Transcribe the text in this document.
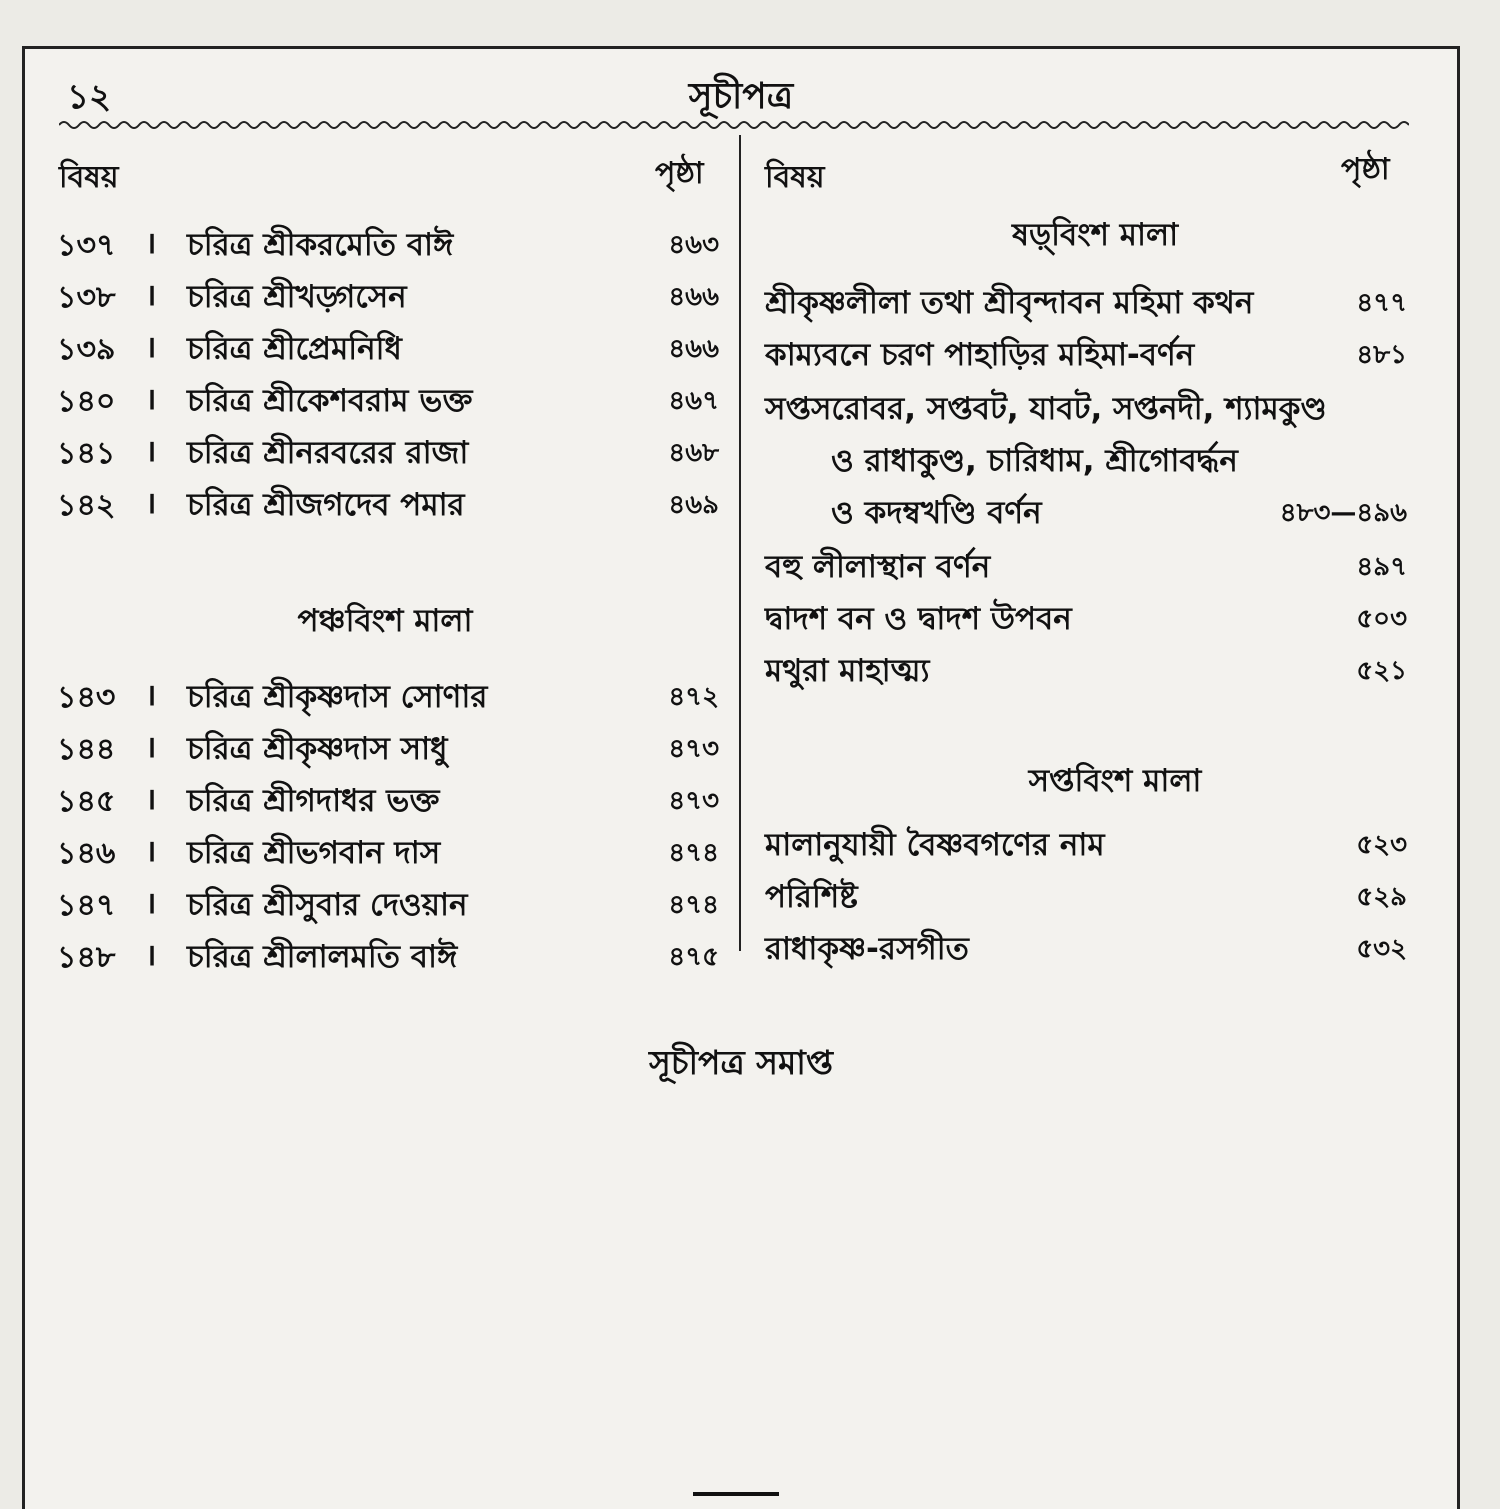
১২	সূচীপত্র
বিষয়	পৃষ্ঠা
১৩৭ । চরিত্র শ্রীকরমেতি বাঈ	৪৬৩
১৩৮ । চরিত্র শ্রীখড়্গসেন	৪৬৬
১৩৯ । চরিত্র শ্রীপ্রেমনিধি	৪৬৬
১৪০ । চরিত্র শ্রীকেশবরাম ভক্ত	৪৬৭
১৪১ । চরিত্র শ্রীনরবরের রাজা	৪৬৮
১৪২ । চরিত্র শ্রীজগদেব পমার	৪৬৯
পঞ্চবিংশ মালা
১৪৩ । চরিত্র শ্রীকৃষ্ণদাস সোণার	৪৭২
১৪৪ । চরিত্র শ্রীকৃষ্ণদাস সাধু	৪৭৩
১৪৫ । চরিত্র শ্রীগদাধর ভক্ত	৪৭৩
১৪৬ । চরিত্র শ্রীভগবান দাস	৪৭৪
১৪৭ । চরিত্র শ্রীসুবার দেওয়ান	৪৭৪
১৪৮ । চরিত্র শ্রীলালমতি বাঈ	৪৭৫
বিষয়	পৃষ্ঠা
ষড়্‌বিংশ মালা
শ্রীকৃষ্ণলীলা তথা শ্রীবৃন্দাবন মহিমা কথন	৪৭৭
কাম্যবনে চরণ পাহাড়ির মহিমা-বর্ণন	৪৮১
সপ্তসরোবর, সপ্তবট, যাবট, সপ্তনদী, শ্যামকুণ্ড
ও রাধাকুণ্ড, চারিধাম, শ্রীগোবর্দ্ধন
ও কদম্বখণ্ডি বর্ণন	৪৮৩—৪৯৬
বহু লীলাস্থান বর্ণন	৪৯৭
দ্বাদশ বন ও দ্বাদশ উপবন	৫০৩
মথুরা মাহাত্ম্য	৫২১
সপ্তবিংশ মালা
মালানুযায়ী বৈষ্ণবগণের নাম	৫২৩
পরিশিষ্ট	৫২৯
রাধাকৃষ্ণ-রসগীত	৫৩২
সূচীপত্র সমাপ্ত
